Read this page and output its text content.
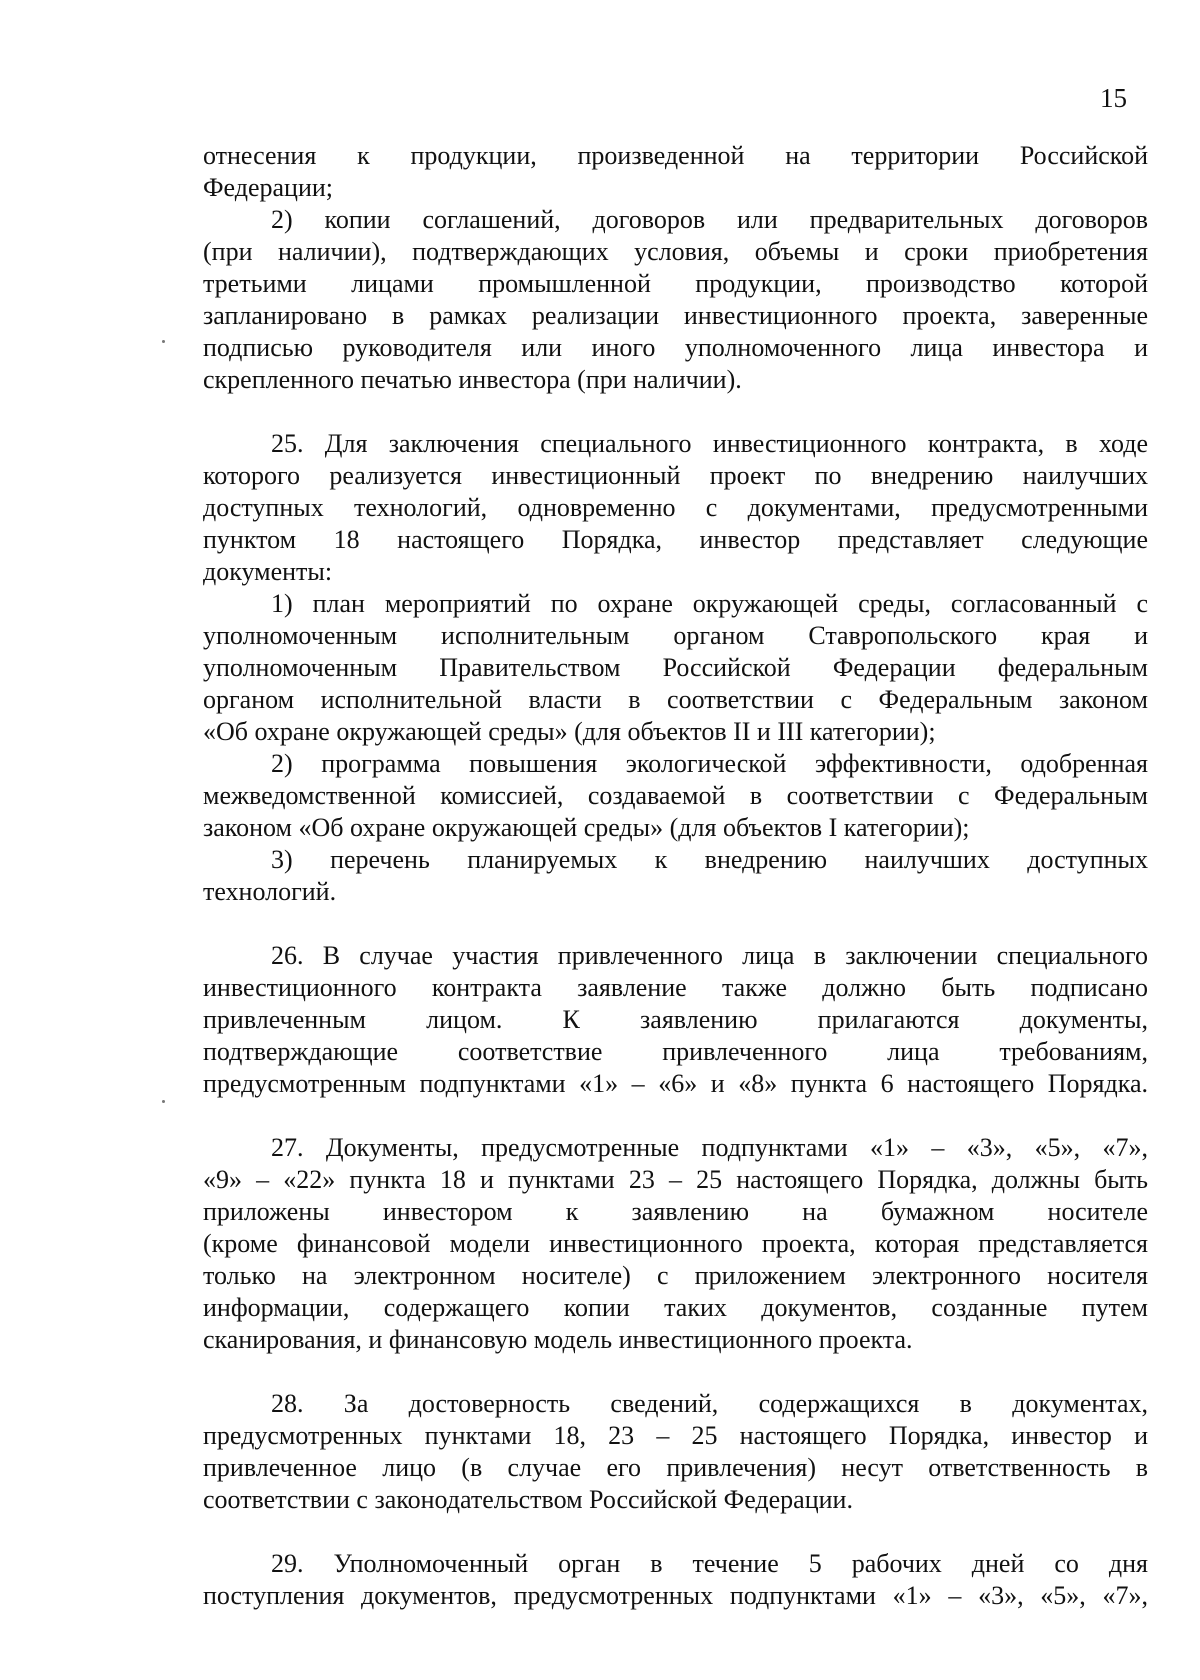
15
отнесения к продукции, произведенной на территории Российской
Федерации;
2) копии соглашений, договоров или предварительных договоров
(при наличии), подтверждающих условия, объемы и сроки приобретения
третьими лицами промышленной продукции, производство которой
запланировано в рамках реализации инвестиционного проекта, заверенные
подписью руководителя или иного уполномоченного лица инвестора и
скрепленного печатью инвестора (при наличии).
25. Для заключения специального инвестиционного контракта, в ходе
которого реализуется инвестиционный проект по внедрению наилучших
доступных технологий, одновременно с документами, предусмотренными
пунктом 18 настоящего Порядка, инвестор представляет следующие
документы:
1) план мероприятий по охране окружающей среды, согласованный с
уполномоченным исполнительным органом Ставропольского края и
уполномоченным Правительством Российской Федерации федеральным
органом исполнительной власти в соответствии с Федеральным законом
«Об охране окружающей среды» (для объектов II и III категории);
2) программа повышения экологической эффективности, одобренная
межведомственной комиссией, создаваемой в соответствии с Федеральным
законом «Об охране окружающей среды» (для объектов I категории);
3) перечень планируемых к внедрению наилучших доступных
технологий.
26. В случае участия привлеченного лица в заключении специального
инвестиционного контракта заявление также должно быть подписано
привлеченным лицом. К заявлению прилагаются документы,
подтверждающие соответствие привлеченного лица требованиям,
предусмотренным подпунктами «1» – «6» и «8» пункта 6 настоящего Порядка.
27. Документы, предусмотренные подпунктами «1» – «3», «5», «7»,
«9» – «22» пункта 18 и пунктами 23 – 25 настоящего Порядка, должны быть
приложены инвестором к заявлению на бумажном носителе
(кроме финансовой модели инвестиционного проекта, которая представляется
только на электронном носителе) с приложением электронного носителя
информации, содержащего копии таких документов, созданные путем
сканирования, и финансовую модель инвестиционного проекта.
28. За достоверность сведений, содержащихся в документах,
предусмотренных пунктами 18, 23 – 25 настоящего Порядка, инвестор и
привлеченное лицо (в случае его привлечения) несут ответственность в
соответствии с законодательством Российской Федерации.
29. Уполномоченный орган в течение 5 рабочих дней со дня
поступления документов, предусмотренных подпунктами «1» – «3», «5», «7»,
